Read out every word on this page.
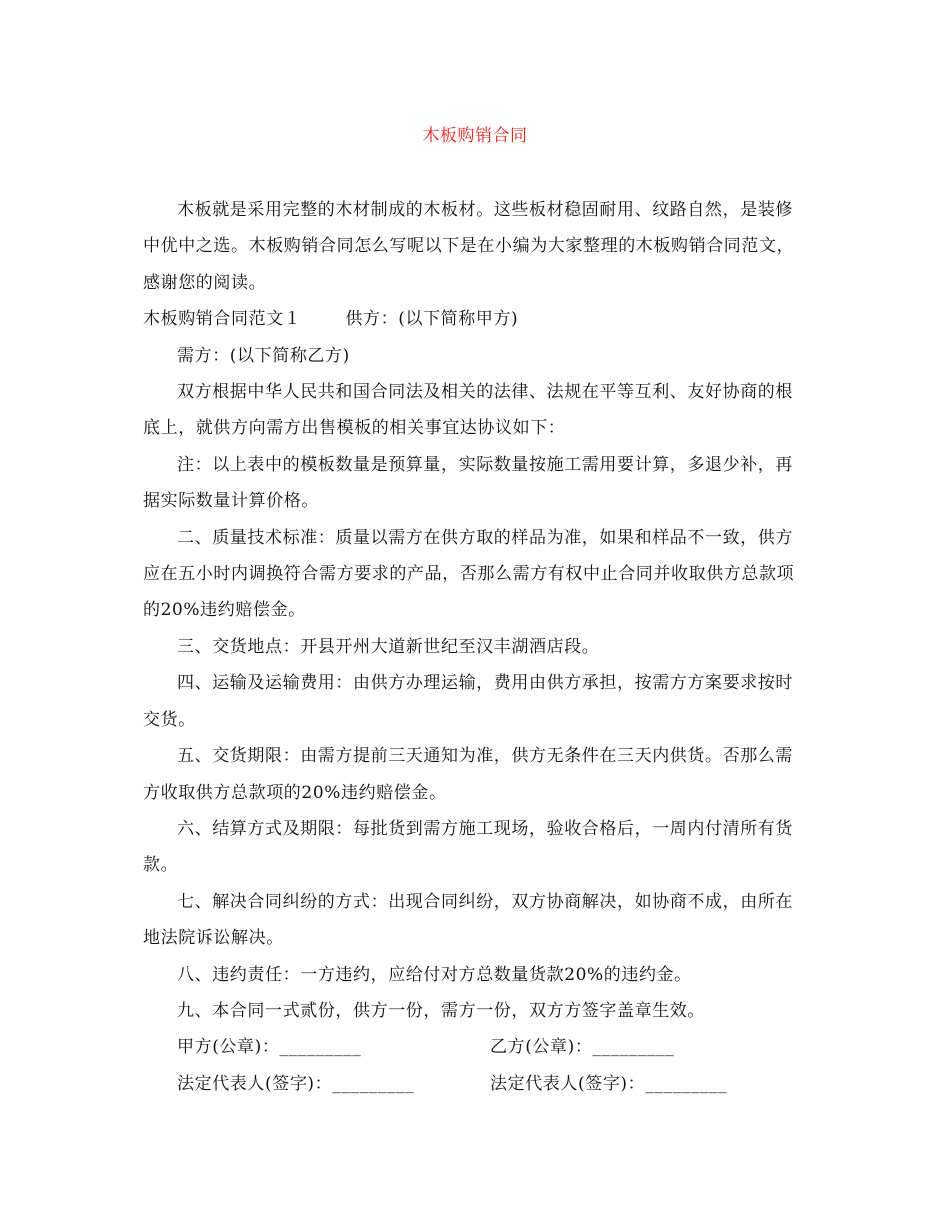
木板购销合同

木板就是采用完整的木材制成的木板材。这些板材稳固耐用、纹路自然，是装修中优中之选。木板购销合同怎么写呢以下是在小编为大家整理的木板购销合同范文，感谢您的阅读。

木板购销合同范文１	供方：(以下简称甲方)

需方：(以下简称乙方)

双方根据中华人民共和国合同法及相关的法律、法规在平等互利、友好协商的根底上，就供方向需方出售模板的相关事宜达协议如下：

注：以上表中的模板数量是预算量，实际数量按施工需用要计算，多退少补，再据实际数量计算价格。

二、质量技术标准：质量以需方在供方取的样品为准，如果和样品不一致，供方应在五小时内调换符合需方要求的产品，否那么需方有权中止合同并收取供方总款项的20%违约赔偿金。

三、交货地点：开县开州大道新世纪至汉丰湖酒店段。

四、运输及运输费用：由供方办理运输，费用由供方承担，按需方方案要求按时交货。

五、交货期限：由需方提前三天通知为准，供方无条件在三天内供货。否那么需方收取供方总款项的20%违约赔偿金。

六、结算方式及期限：每批货到需方施工现场，验收合格后，一周内付清所有货款。

七、解决合同纠纷的方式：出现合同纠纷，双方协商解决，如协商不成，由所在地法院诉讼解决。

八、违约责任：一方违约，应给付对方总数量货款20%的违约金。

九、本合同一式贰份，供方一份，需方一份，双方方签字盖章生效。

甲方(公章)：_________	乙方(公章)：_________
法定代表人(签字)：_________	法定代表人(签字)：_________
